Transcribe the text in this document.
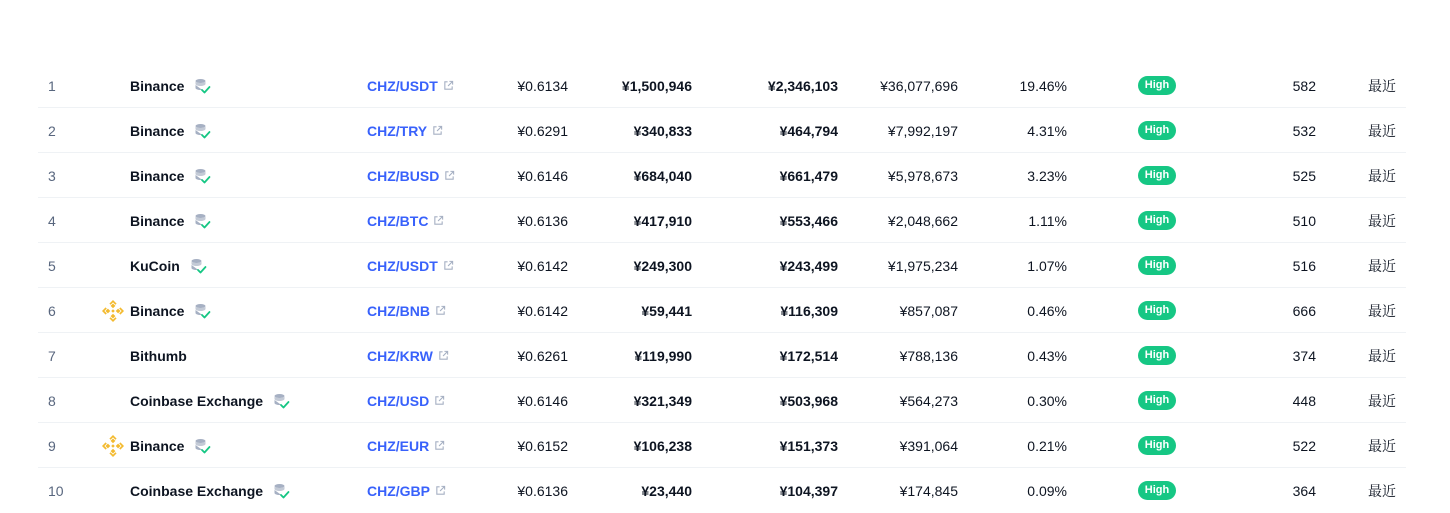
1	Binance	CHZ/USDT	¥0.6134	¥1,500,946	¥2,346,103	¥36,077,696	19.46%	High	582	最近
2	Binance	CHZ/TRY	¥0.6291	¥340,833	¥464,794	¥7,992,197	4.31%	High	532	最近
3	Binance	CHZ/BUSD	¥0.6146	¥684,040	¥661,479	¥5,978,673	3.23%	High	525	最近
4	Binance	CHZ/BTC	¥0.6136	¥417,910	¥553,466	¥2,048,662	1.11%	High	510	最近
5	KuCoin	CHZ/USDT	¥0.6142	¥249,300	¥243,499	¥1,975,234	1.07%	High	516	最近
6	Binance	CHZ/BNB	¥0.6142	¥59,441	¥116,309	¥857,087	0.46%	High	666	最近
7	Bithumb	CHZ/KRW	¥0.6261	¥119,990	¥172,514	¥788,136	0.43%	High	374	最近
8	Coinbase Exchange	CHZ/USD	¥0.6146	¥321,349	¥503,968	¥564,273	0.30%	High	448	最近
9	Binance	CHZ/EUR	¥0.6152	¥106,238	¥151,373	¥391,064	0.21%	High	522	最近
10	Coinbase Exchange	CHZ/GBP	¥0.6136	¥23,440	¥104,397	¥174,845	0.09%	High	364	最近
